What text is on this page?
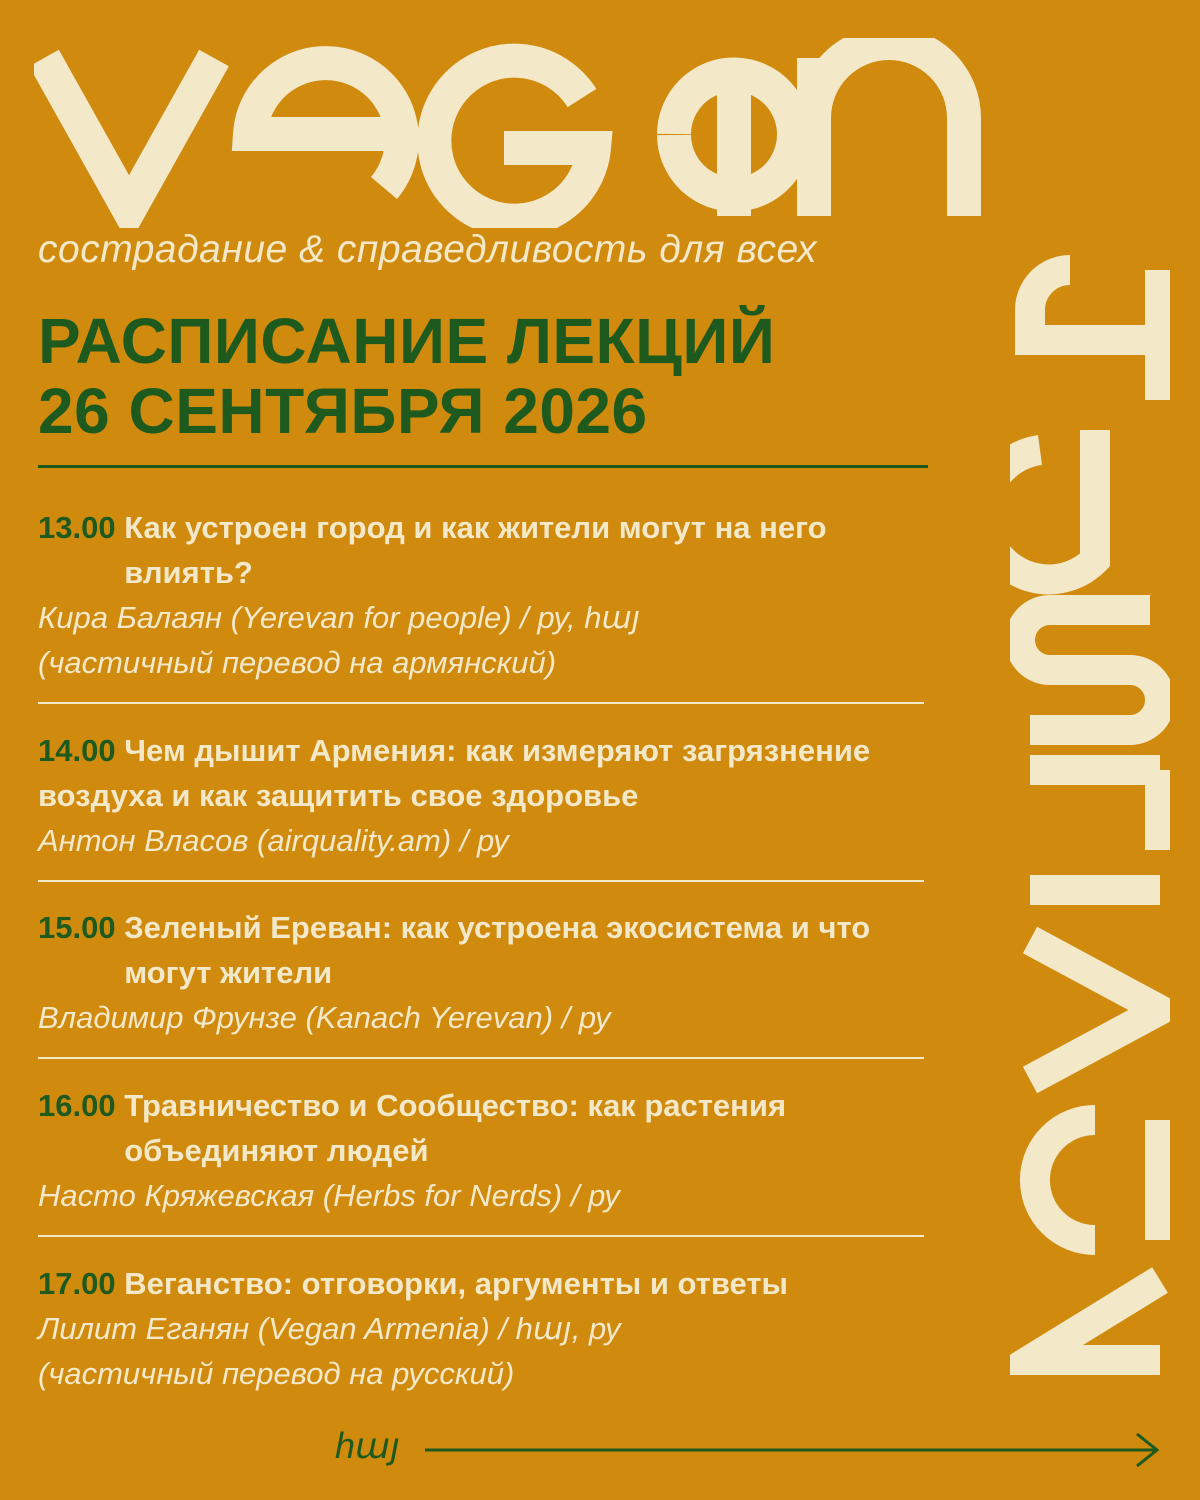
сострадание & справедливость для всех
РАСПИСАНИЕ ЛЕКЦИЙ
26 СЕНТЯБРЯ 2026
13.00 Как устроен город и как жители могут на него влиять?
Кира Балаян (Yerevan for people) / ру, hայ
(частичный перевод на армянский)
14.00 Чем дышит Армения: как измеряют загрязнение воздуха и как защитить свое здоровье
Антон Власов (airquality.am) / ру
15.00 Зеленый Ереван: как устроена экосистема и что могут жители
Владимир Фрунзе (Kanach Yerevan) / ру
16.00 Травничество и Сообщество: как растения объединяют людей
Насто Кряжевская (Herbs for Nerds) / ру
17.00 Веганство: отговорки, аргументы и ответы
Лилит Еганян (Vegan Armenia) / hայ, ру
(частичный перевод на русский)
hայ
